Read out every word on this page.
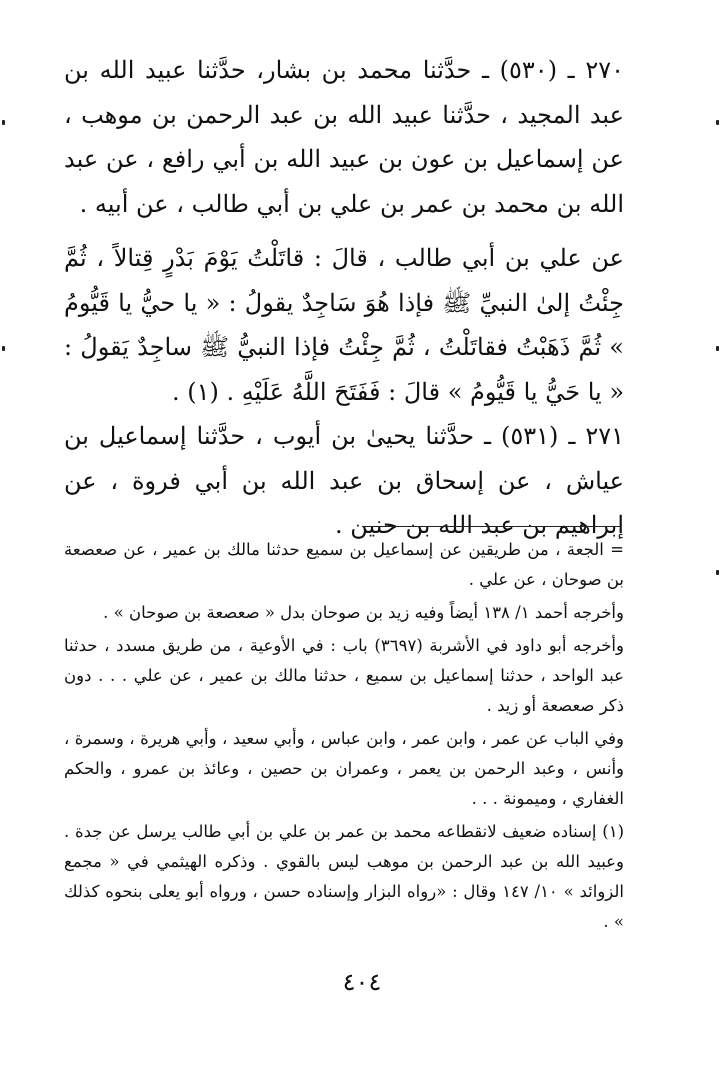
٢٧٠ ـ (٥٣٠) ـ حدَّثنا محمد بن بشار، حدَّثنا عبيد الله بن عبد المجيد ، حدَّثنا عبيد الله بن عبد الرحمن بن موهب ، عن إسماعيل بن عون بن عبيد الله بن أبي رافع ، عن عبد الله بن محمد بن عمر بن علي بن أبي طالب ، عن أبيه .

عن علي بن أبي طالب ، قالَ : قاتَلْتُ يَوْمَ بَدْرٍ قِتالاً ، ثُمَّ جِئْتُ إلىٰ النبيِّ ﷺ فإذا هُوَ سَاجِدٌ يقولُ : « يا حيُّ يا قَيُّومُ » ثُمَّ ذَهَبْتُ فقاتَلْتُ ، ثُمَّ جِئْتُ فإذا النبيُّ ﷺ ساجِدٌ يَقولُ : « يا حَيُّ يا قَيُّومُ » قالَ : فَفَتَحَ اللَّهُ عَلَيْهِ . (١) .

٢٧١ ـ (٥٣١) ـ حدَّثنا يحيىٰ بن أيوب ، حدَّثنا إسماعيل بن عياش ، عن إسحاق بن عبد الله بن أبي فروة ، عن إبراهيم بن عبد الله بن حنين .

= الجعة ، من طريقين عن إسماعيل بن سميع حدثنا مالك بن عمير ، عن صعصعة بن صوحان ، عن علي .

وأخرجه أحمد ١/ ١٣٨ أيضاً وفيه زيد بن صوحان بدل « صعصعة بن صوحان » .

وأخرجه أبو داود في الأشربة (٣٦٩٧) باب : في الأوعية ، من طريق مسدد ، حدثنا عبد الواحد ، حدثنا إسماعيل بن سميع ، حدثنا مالك بن عمير ، عن علي . . . دون ذكر صعصعة أو زيد .

وفي الباب عن عمر ، وابن عمر ، وابن عباس ، وأبي سعيد ، وأبي هريرة ، وسمرة ، وأنس ، وعبد الرحمن بن يعمر ، وعمران بن حصين ، وعائذ بن عمرو ، والحكم الغفاري ، وميمونة . . .

(١) إسناده ضعيف لانقطاعه محمد بن عمر بن علي بن أبي طالب يرسل عن جدة . وعبيد الله بن عبد الرحمن بن موهب ليس بالقوي . وذكره الهيثمي في « مجمع الزوائد » ١٠/ ١٤٧ وقال : «رواه البزار وإسناده حسن ، ورواه أبو يعلى بنحوه كذلك » .

٤٠٤
